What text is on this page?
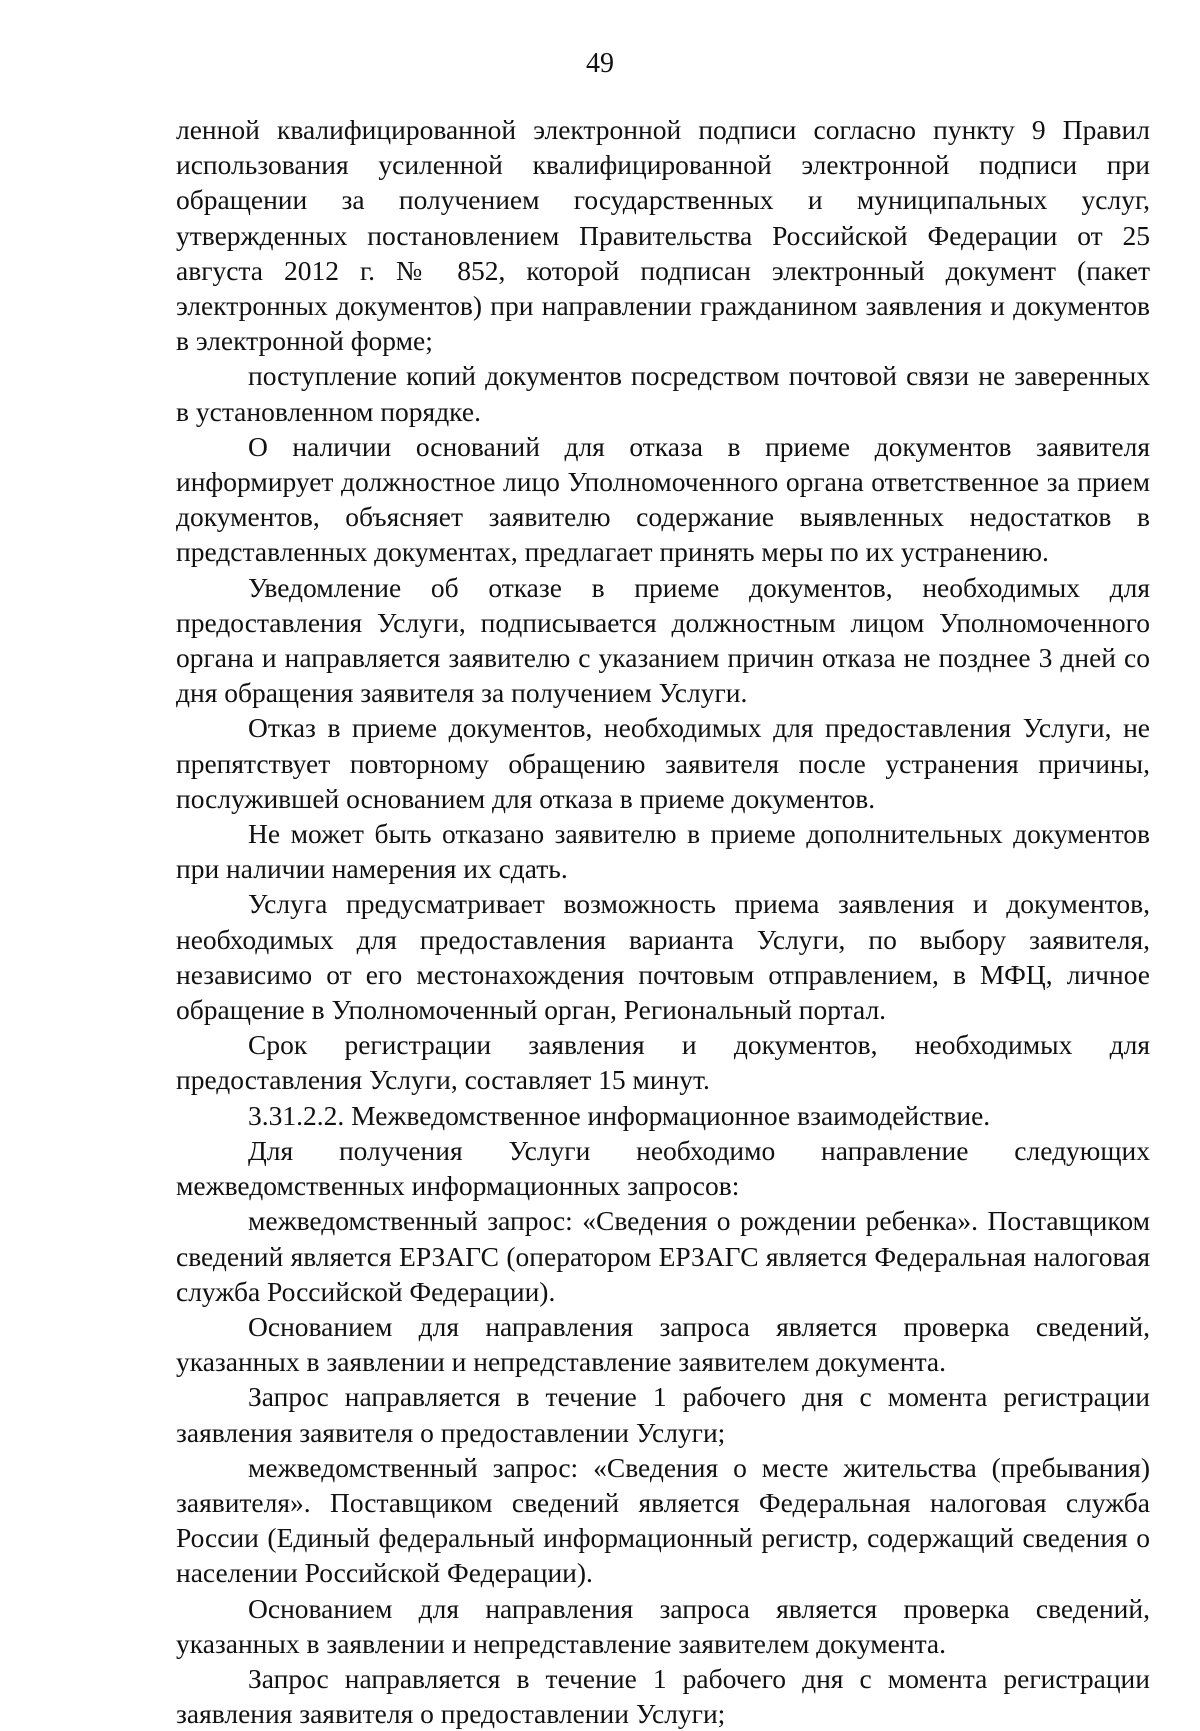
49

ленной квалифицированной электронной подписи согласно пункту 9 Правил использования усиленной квалифицированной электронной подписи при обращении за получением государственных и муниципальных услуг, утвержденных постановлением Правительства Российской Федерации от 25 августа 2012 г. № 852, которой подписан электронный документ (пакет электронных документов) при направлении гражданином заявления и документов в электронной форме;

поступление копий документов посредством почтовой связи не заверенных в установленном порядке.

О наличии оснований для отказа в приеме документов заявителя информирует должностное лицо Уполномоченного органа ответственное за прием документов, объясняет заявителю содержание выявленных недостатков в представленных документах, предлагает принять меры по их устранению.

Уведомление об отказе в приеме документов, необходимых для предоставления Услуги, подписывается должностным лицом Уполномоченного органа и направляется заявителю с указанием причин отказа не позднее 3 дней со дня обращения заявителя за получением Услуги.

Отказ в приеме документов, необходимых для предоставления Услуги, не препятствует повторному обращению заявителя после устранения причины, послужившей основанием для отказа в приеме документов.

Не может быть отказано заявителю в приеме дополнительных документов при наличии намерения их сдать.

Услуга предусматривает возможность приема заявления и документов, необходимых для предоставления варианта Услуги, по выбору заявителя, независимо от его местонахождения почтовым отправлением, в МФЦ, личное обращение в Уполномоченный орган, Региональный портал.

Срок регистрации заявления и документов, необходимых для предоставления Услуги, составляет 15 минут.

3.31.2.2. Межведомственное информационное взаимодействие.

Для получения Услуги необходимо направление следующих межведомственных информационных запросов:

межведомственный запрос: «Сведения о рождении ребенка». Поставщиком сведений является ЕРЗАГС (оператором ЕРЗАГС является Федеральная налоговая служба Российской Федерации).

Основанием для направления запроса является проверка сведений, указанных в заявлении и непредставление заявителем документа.

Запрос направляется в течение 1 рабочего дня с момента регистрации заявления заявителя о предоставлении Услуги;

межведомственный запрос: «Сведения о месте жительства (пребывания) заявителя». Поставщиком сведений является Федеральная налоговая служба России (Единый федеральный информационный регистр, содержащий сведения о населении Российской Федерации).

Основанием для направления запроса является проверка сведений, указанных в заявлении и непредставление заявителем документа.

Запрос направляется в течение 1 рабочего дня с момента регистрации заявления заявителя о предоставлении Услуги;
